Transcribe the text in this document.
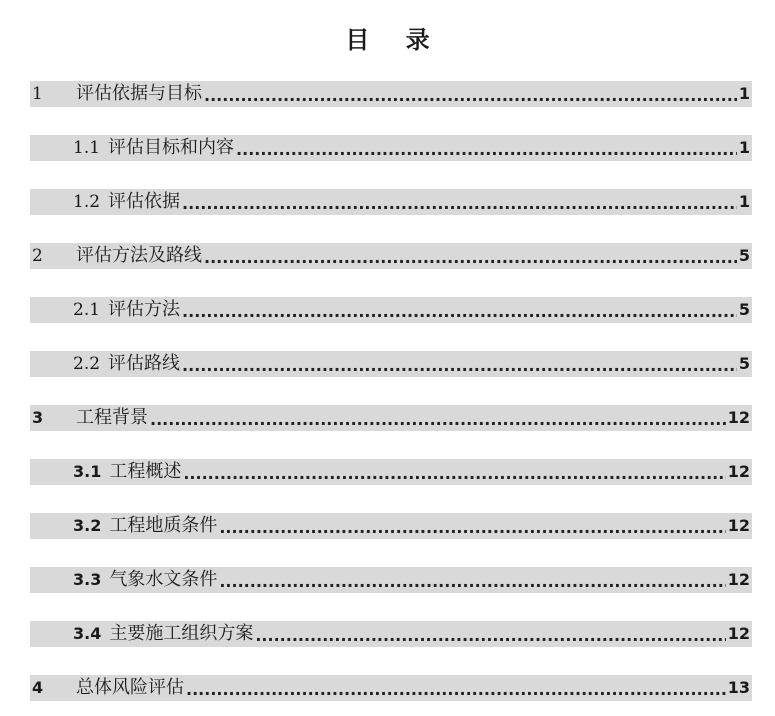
目 录
1	评估依据与目标 .....	1
1.1 评估目标和内容 .....	1
1.2 评估依据 .....	1
2	评估方法及路线 .....	5
2.1 评估方法 .....	5
2.2 评估路线 .....	5
3	工程背景 .....	12
3.1 工程概述 .....	12
3.2 工程地质条件 .....	12
3.3 气象水文条件 .....	12
3.4 主要施工组织方案 .....	12
4	总体风险评估 .....	13
